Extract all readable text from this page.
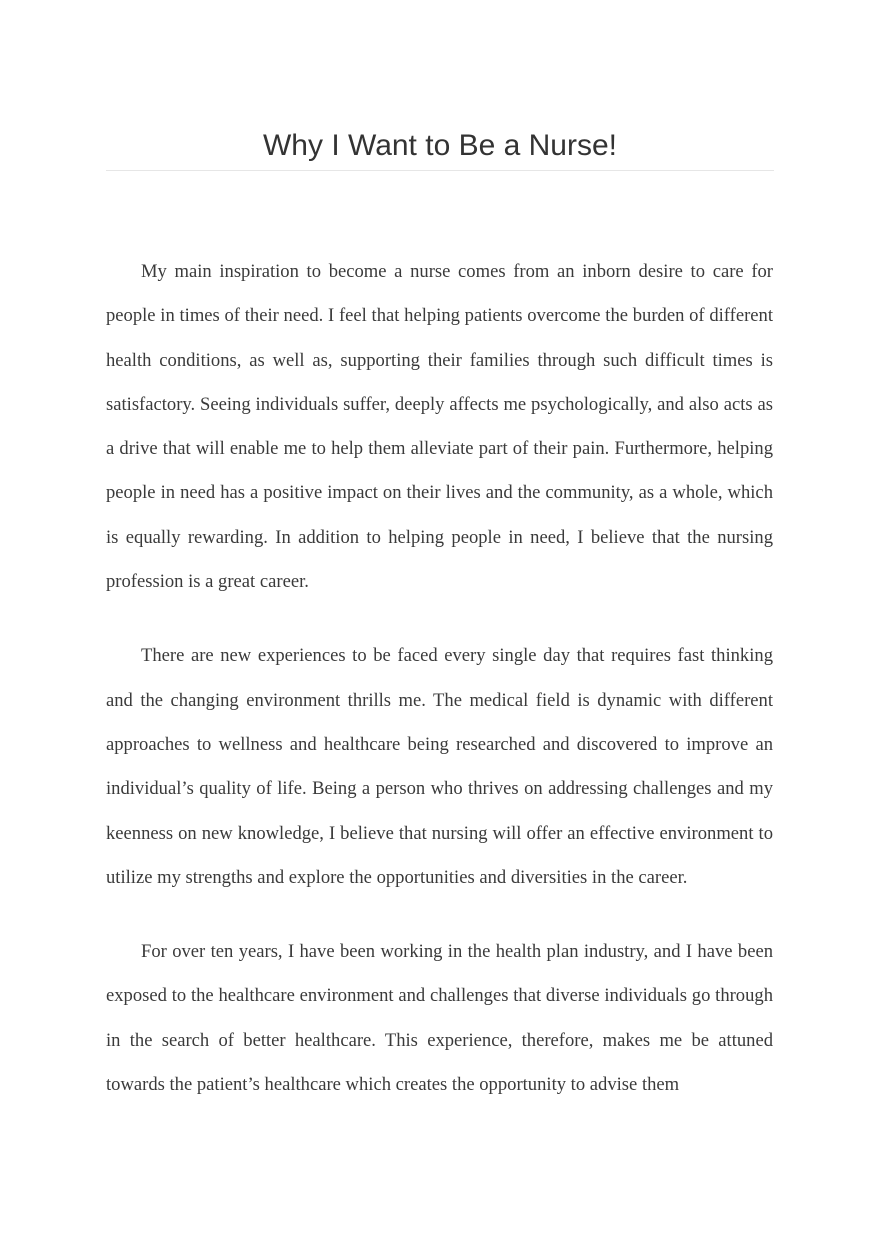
Why I Want to Be a Nurse!

My main inspiration to become a nurse comes from an inborn desire to care for people in times of their need. I feel that helping patients overcome the burden of different health conditions, as well as, supporting their families through such difficult times is satisfactory. Seeing individuals suffer, deeply affects me psychologically, and also acts as a drive that will enable me to help them alleviate part of their pain. Furthermore, helping people in need has a positive impact on their lives and the community, as a whole, which is equally rewarding. In addition to helping people in need, I believe that the nursing profession is a great career.

There are new experiences to be faced every single day that requires fast thinking and the changing environment thrills me. The medical field is dynamic with different approaches to wellness and healthcare being researched and discovered to improve an individual’s quality of life. Being a person who thrives on addressing challenges and my keenness on new knowledge, I believe that nursing will offer an effective environment to utilize my strengths and explore the opportunities and diversities in the career.

For over ten years, I have been working in the health plan industry, and I have been exposed to the healthcare environment and challenges that diverse individuals go through in the search of better healthcare. This experience, therefore, makes me be attuned towards the patient’s healthcare which creates the opportunity to advise them
